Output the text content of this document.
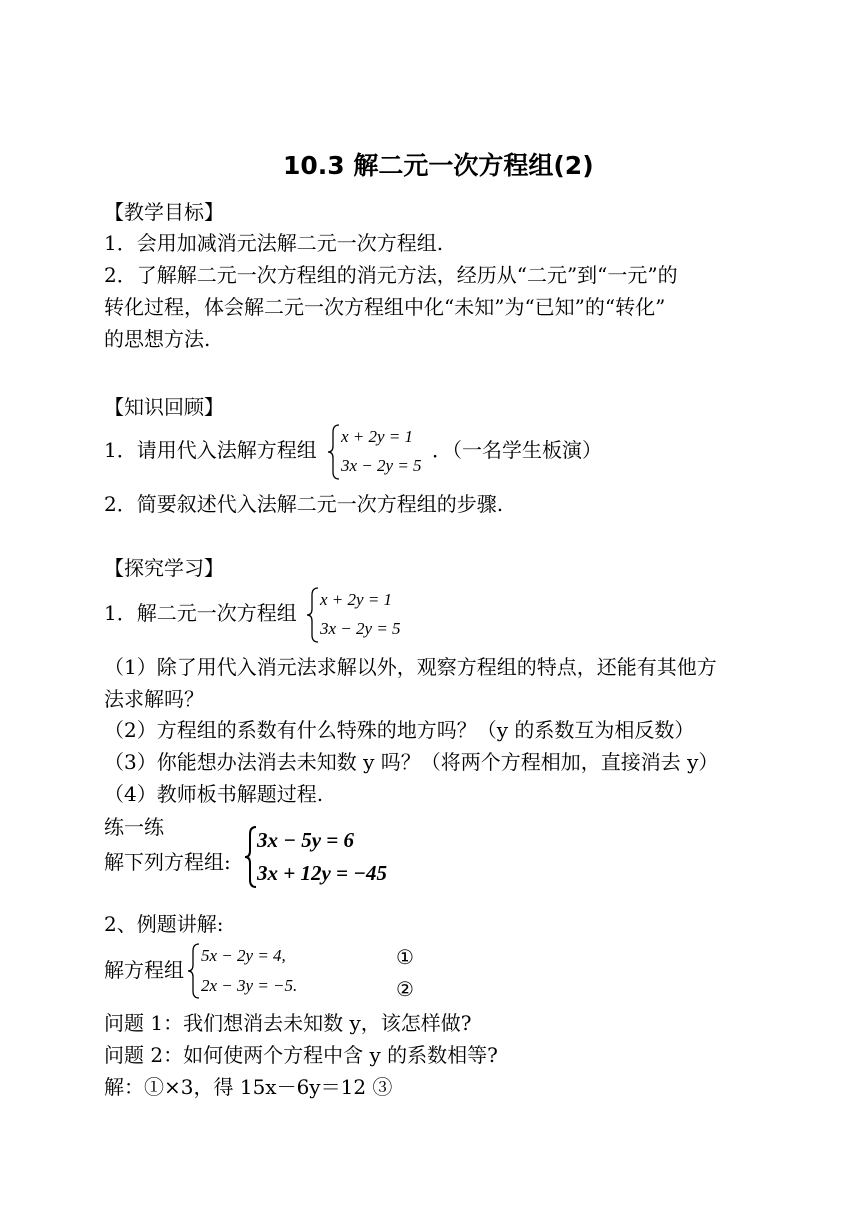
10.3 解二元一次方程组(2)
【教学目标】
1．会用加减消元法解二元一次方程组.
2．了解解二元一次方程组的消元方法，经历从“二元”到“一元”的
转化过程，体会解二元一次方程组中化“未知”为“已知”的“转化”
的思想方法.
【知识回顾】
1．请用代入法解方程组
x + 2y = 1
3x − 2y = 5
．（一名学生板演）
2．简要叙述代入法解二元一次方程组的步骤.
【探究学习】
1．解二元一次方程组
x + 2y = 1
3x − 2y = 5
（1）除了用代入消元法求解以外，观察方程组的特点，还能有其他方
法求解吗？
（2）方程组的系数有什么特殊的地方吗？（y 的系数互为相反数）
（3）你能想办法消去未知数 y 吗？（将两个方程相加，直接消去 y）
（4）教师板书解题过程.
练一练
解下列方程组:
3x − 5y = 6
3x + 12y = −45
2、例题讲解:
解方程组
5x − 2y = 4,
2x − 3y = −5.
①
②
问题 1：我们想消去未知数 y，该怎样做?
问题 2：如何使两个方程中含 y 的系数相等?
解：①×3，得 15x－6y＝12 ③
